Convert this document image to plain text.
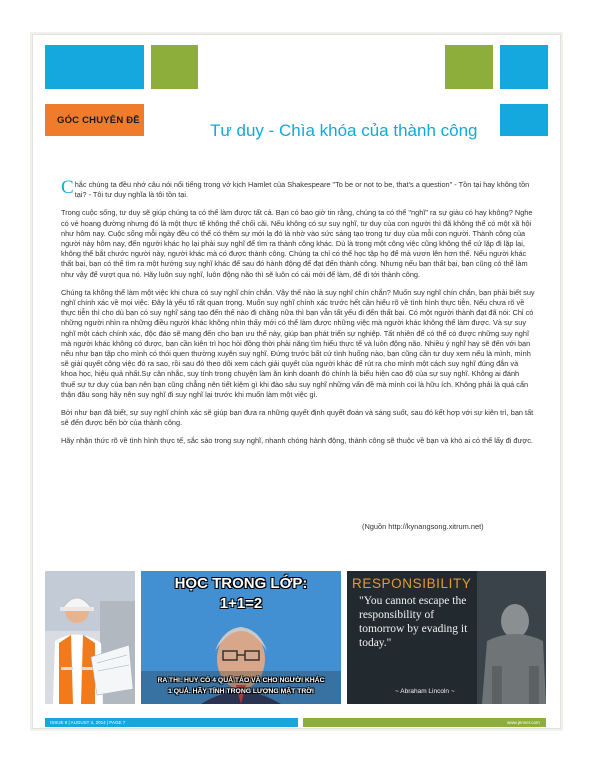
GÓC CHUYÊN ĐỀ
Tư duy - Chìa khóa của thành công

Chắc chúng ta đều nhớ câu nói nổi tiếng trong vở kịch Hamlet của Shakespeare "To be or not to be, that's a question" - Tồn tại hay không tồn tại? - Tôi tư duy nghĩa là tôi tồn tại.

Trong cuộc sống, tư duy sẽ giúp chúng ta có thể làm được tất cả. Bạn có bao giờ tin rằng, chúng ta có thể "nghĩ" ra sự giàu có hay không? Nghe có vẻ hoang đường nhưng đó là một thực tế không thể chối cãi. Nếu không có sự suy nghĩ, tư duy của con người thì đã không thể có một xã hội như hôm nay. Cuộc sống mỗi ngày đều có thể có thêm sự mới lạ đó là nhờ vào sức sáng tạo trong tư duy của mỗi con người. Thành công của người này hôm nay, đến người khác họ lại phải suy nghĩ để tìm ra thành công khác. Dù là trong một công việc cũng không thể cứ lặp đi lặp lại, không thể bắt chước người này, người khác mà có được thành công. Chúng ta chỉ có thể học tập họ để mà vươn lên hơn thế. Nếu người khác thất bại, bạn có thể tìm ra một hướng suy nghĩ khác để sau đó hành động để đạt đến thành công. Nhưng nếu bạn thất bại, bạn cũng có thể làm như vậy để vượt qua nó. Hãy luôn suy nghĩ, luôn động não thì sẽ luôn có cái mới để làm, để đi tới thành công.

Chúng ta không thể làm một việc khi chưa có suy nghĩ chín chắn. Vậy thế nào là suy nghĩ chín chắn? Muốn suy nghĩ chín chắn, bạn phải biết suy nghĩ chính xác về mọi việc. Đây là yếu tố rất quan trọng. Muốn suy nghĩ chính xác trước hết cần hiểu rõ về tình hình thực tiễn. Nếu chưa rõ về thực tiễn thì cho dù bạn có suy nghĩ sáng tạo đến thế nào đi chăng nữa thì bạn vẫn tất yếu đi đến thất bại. Có một người thành đạt đã nói: Chỉ có những người nhìn ra những điều người khác không nhìn thấy mới có thể làm được những việc mà người khác không thể làm được. Và sự suy nghĩ một cách chính xác, độc đáo sẽ mang đến cho bạn ưu thế này, giúp bạn phát triển sự nghiệp. Tất nhiên để có thể có được những suy nghĩ mà người khác không có được, bạn cần kiên trì học hỏi đồng thời phải năng tìm hiểu thực tế và luôn động não. Nhiều ý nghĩ hay sẽ đến với bạn nếu như bạn tập cho mình có thói quen thường xuyên suy nghĩ. Đứng trước bất cứ tình huống nào, bạn cũng cần tư duy xem nếu là mình, mình sẽ giải quyết công việc đó ra sao, rồi sau đó theo dõi xem cách giải quyết của người khác để rút ra cho mình một cách suy nghĩ đúng đắn và khoa học, hiệu quả nhất.Sự cân nhắc, suy tính trong chuyện làm ăn kinh doanh đó chính là biểu hiện cao độ của sự suy nghĩ. Không ai đánh thuế sự tư duy của bạn nên bạn cũng chẳng nên tiết kiệm gì khi đào sâu suy nghĩ những vấn đề mà mình coi là hữu ích. Không phải là quá cẩn thận đâu song hãy nên suy nghĩ đi suy nghĩ lại trước khi muốn làm một việc gì.

Bởi như bạn đã biết, sự suy nghĩ chính xác sẽ giúp bạn đưa ra những quyết định quyết đoán và sáng suốt, sau đó kết hợp với sự kiên trì, bạn tất sẽ đến được bến bờ của thành công.

Hãy nhận thức rõ về tình hình thực tế, sắc sảo trong suy nghĩ, nhanh chóng hành động, thành công sẽ thuộc về bạn và khó ai có thể lấy đi được.

(Nguồn http://kynangsong.xitrum.net)
HỌC TRONG LỚP:
1+1=2
RA THI: HUY CÓ 4 QUẢ TÁO VÀ CHO NGƯỜI KHÁC
1 QUẢ. HÃY TÍNH TRỌNG LƯỢNG MẶT TRỜI
RESPONSIBILITY
"You cannot escape the responsibility of tomorrow by evading it today."
~ Abraham Lincoln ~
ISSUE 8 | AUGUST 4, 2014 | PAGE 7	www.jenner.com
